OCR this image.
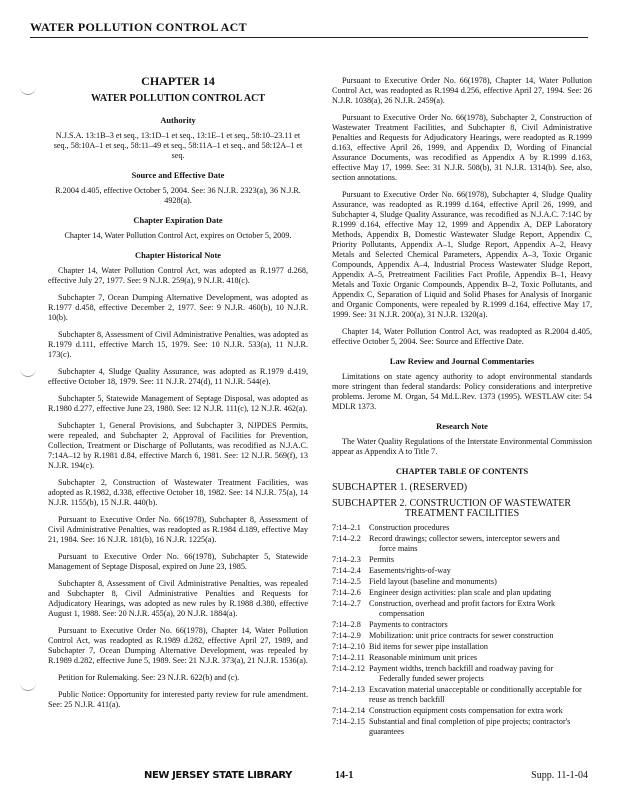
WATER POLLUTION CONTROL ACT
CHAPTER 14
WATER POLLUTION CONTROL ACT
Authority

N.J.S.A. 13:1B–3 et seq., 13:1D–1 et seq., 13:1E–1 et seq., 58:10–23.11 et seq., 58:10A–1 et seq., 58:11–49 et seq., 58:11A–1 et seq., and 58:12A–1 et seq.

Source and Effective Date

R.2004 d.405, effective October 5, 2004. See: 36 N.J.R. 2323(a), 36 N.J.R. 4928(a).

Chapter Expiration Date

Chapter 14, Water Pollution Control Act, expires on October 5, 2009.

Chapter Historical Note

Chapter 14, Water Pollution Control Act, was adopted as R.1977 d.268, effective July 27, 1977. See: 9 N.J.R. 259(a), 9 N.J.R. 418(c).

Subchapter 7, Ocean Dumping Alternative Development, was adopted as R.1977 d.458, effective December 2, 1977. See: 9 N.J.R. 460(b), 10 N.J.R. 10(b).

Subchapter 8, Assessment of Civil Administrative Penalties, was adopted as R.1979 d.111, effective March 15, 1979. See: 10 N.J.R. 533(a), 11 N.J.R. 173(c).

Subchapter 4, Sludge Quality Assurance, was adopted as R.1979 d.419, effective October 18, 1979. See: 11 N.J.R. 274(d), 11 N.J.R. 544(e).

Subchapter 5, Statewide Management of Septage Disposal, was adopted as R.1980 d.277, effective June 23, 1980. See: 12 N.J.R. 111(c), 12 N.J.R. 462(a).

Subchapter 1, General Provisions, and Subchapter 3, NJPDES Permits, were repealed, and Subchapter 2, Approval of Facilities for Prevention, Collection, Treatment or Discharge of Pollutants, was recodified as N.J.A.C. 7:14A–12 by R.1981 d.84, effective March 6, 1981. See: 12 N.J.R. 569(f), 13 N.J.R. 194(c).

Subchapter 2, Construction of Wastewater Treatment Facilities, was adopted as R.1982, d.338, effective October 18, 1982. See: 14 N.J.R. 75(a), 14 N.J.R. 1155(b), 15 N.J.R. 440(b).

Pursuant to Executive Order No. 66(1978), Subchapter 8, Assessment of Civil Administrative Penalties, was readopted as R.1984 d.189, effective May 21, 1984. See: 16 N.J.R. 181(b), 16 N.J.R. 1225(a).

Pursuant to Executive Order No. 66(1978), Subchapter 5, Statewide Management of Septage Disposal, expired on June 23, 1985.

Subchapter 8, Assessment of Civil Administrative Penalties, was repealed and Subchapter 8, Civil Administrative Penalties and Requests for Adjudicatory Hearings, was adopted as new rules by R.1988 d.380, effective August 1, 1988. See: 20 N.J.R. 455(a), 20 N.J.R. 1884(a).

Pursuant to Executive Order No. 66(1978), Chapter 14, Water Pollution Control Act, was readopted as R.1989 d.282, effective April 27, 1989, and Subchapter 7, Ocean Dumping Alternative Development, was repealed by R.1989 d.282, effective June 5, 1989. See: 21 N.J.R. 373(a), 21 N.J.R. 1536(a).

Petition for Rulemaking. See: 23 N.J.R. 622(b) and (c).

Public Notice: Opportunity for interested party review for rule amendment. See: 25 N.J.R. 411(a).

Pursuant to Executive Order No. 66(1978), Chapter 14, Water Pollution Control Act, was readopted as R.1994 d.256, effective April 27, 1994. See: 26 N.J.R. 1038(a), 26 N.J.R. 2459(a).

Pursuant to Executive Order No. 66(1978), Subchapter 2, Construction of Wastewater Treatment Facilities, and Subchapter 8, Civil Administrative Penalties and Requests for Adjudicatory Hearings, were readopted as R.1999 d.163, effective April 26, 1999, and Appendix D, Wording of Financial Assurance Documents, was recodified as Appendix A by R.1999 d.163, effective May 17, 1999. See: 31 N.J.R. 508(b), 31 N.J.R. 1314(b). See, also, section annotations.

Pursuant to Executive Order No. 66(1978), Subchapter 4, Sludge Quality Assurance, was readopted as R.1999 d.164, effective April 26, 1999, and Subchapter 4, Sludge Quality Assurance, was recodified as N.J.A.C. 7:14C by R.1999 d.164, effective May 12, 1999 and Appendix A, DEP Laboratory Methods, Appendix B, Domestic Wastewater Sludge Report, Appendix C, Priority Pollutants, Appendix A–1, Sludge Report, Appendix A–2, Heavy Metals and Selected Chemical Parameters, Appendix A–3, Toxic Organic Compounds, Appendix A–4, Industrial Process Wastewater Sludge Report, Appendix A–5, Pretreatment Facilities Fact Profile, Appendix B–1, Heavy Metals and Toxic Organic Compounds, Appendix B–2, Toxic Pollutants, and Appendix C, Separation of Liquid and Solid Phases for Analysis of Inorganic and Organic Components, were repealed by R.1999 d.164, effective May 17, 1999. See: 31 N.J.R. 200(a), 31 N.J.R. 1320(a).

Chapter 14, Water Pollution Control Act, was readopted as R.2004 d.405, effective October 5, 2004. See: Source and Effective Date.

Law Review and Journal Commentaries

Limitations on state agency authority to adopt environmental standards more stringent than federal standards: Policy considerations and interpretive problems. Jerome M. Organ, 54 Md.L.Rev. 1373 (1995). WESTLAW cite: 54 MDLR 1373.

Research Note

The Water Quality Regulations of the Interstate Environmental Commission appear as Appendix A to Title 7.

CHAPTER TABLE OF CONTENTS
SUBCHAPTER 1. (RESERVED)
SUBCHAPTER 2. CONSTRUCTION OF WASTEWATER
TREATMENT FACILITIES
7:14–2.1 Construction procedures
7:14–2.2 Record drawings; collector sewers, interceptor sewers and
force mains
7:14–2.3 Permits
7:14–2.4 Easements/rights-of-way
7:14–2.5 Field layout (baseline and monuments)
7:14–2.6 Engineer design activities: plan scale and plan updating
7:14–2.7 Construction, overhead and profit factors for Extra Work
compensation
7:14–2.8 Payments to contractors
7:14–2.9 Mobilization: unit price contracts for sewer construction
7:14–2.10 Bid items for sewer pipe installation
7:14–2.11 Reasonable minimum unit prices
7:14–2.12 Payment widths, trench backfill and roadway paving for
Federally funded sewer projects
7:14–2.13 Excavation material unacceptable or conditionally acceptable for reuse as trench backfill
7:14–2.14 Construction equipment costs compensation for extra work
7:14–2.15 Substantial and final completion of pipe projects; contractor's guarantees
NEW JERSEY STATE LIBRARY	14-1	Supp. 11-1-04
